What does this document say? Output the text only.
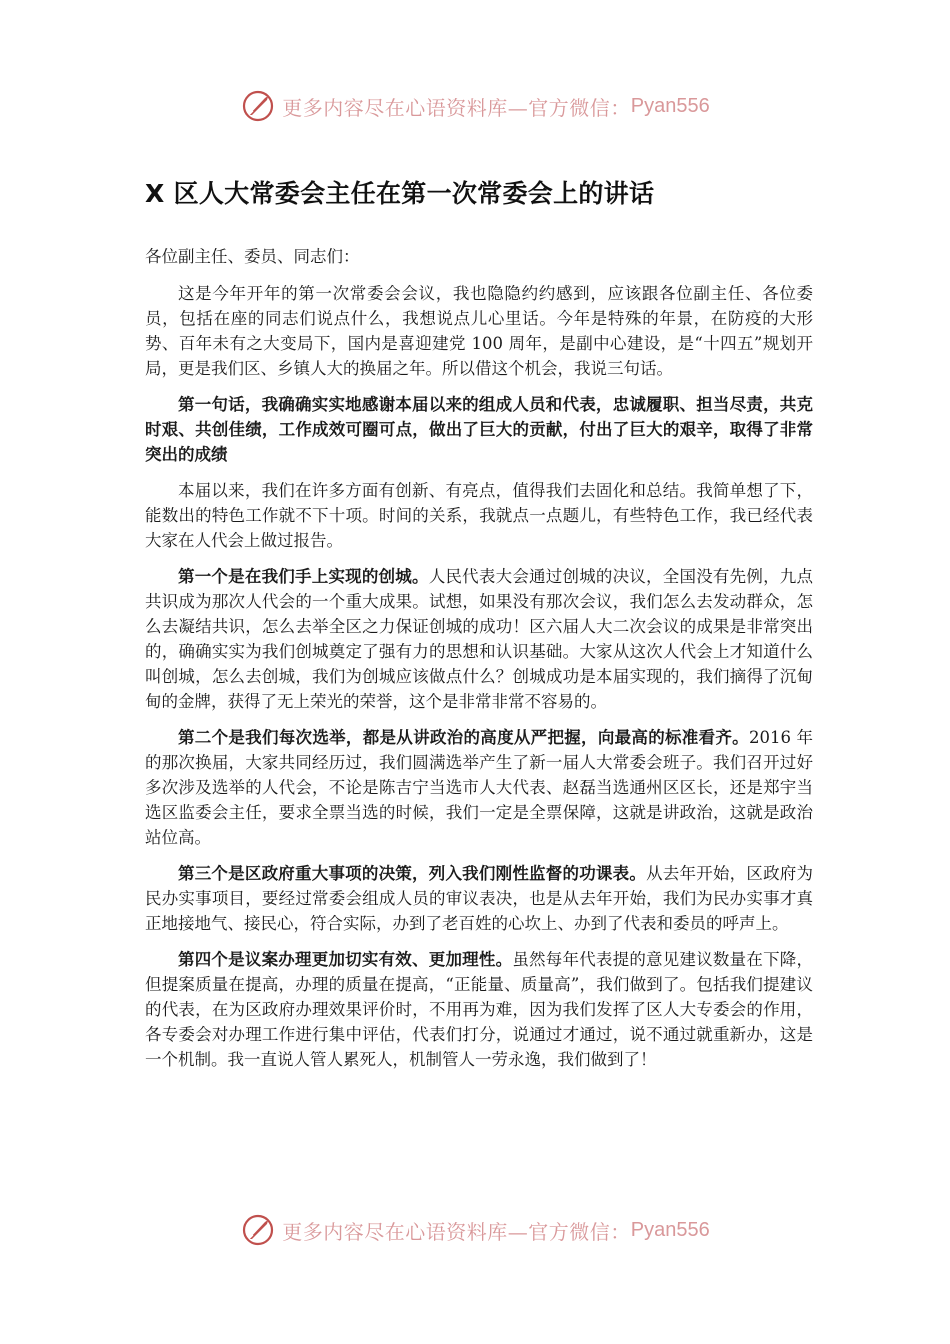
更多内容尽在心语资料库—官方微信： Pyan556
X 区人大常委会主任在第一次常委会上的讲话
各位副主任、委员、同志们：

这是今年开年的第一次常委会会议，我也隐隐约约感到，应该跟各位副主任、各位委员，包括在座的同志们说点什么，我想说点儿心里话。今年是特殊的年景，在防疫的大形势、百年未有之大变局下，国内是喜迎建党 100 周年，是副中心建设，是“十四五”规划开局，更是我们区、乡镇人大的换届之年。所以借这个机会，我说三句话。

第一句话，我确确实实地感谢本届以来的组成人员和代表，忠诚履职、担当尽责，共克时艰、共创佳绩，工作成效可圈可点，做出了巨大的贡献，付出了巨大的艰辛，取得了非常突出的成绩

本届以来，我们在许多方面有创新、有亮点，值得我们去固化和总结。我简单想了下，能数出的特色工作就不下十项。时间的关系，我就点一点题儿，有些特色工作，我已经代表大家在人代会上做过报告。

第一个是在我们手上实现的创城。人民代表大会通过创城的决议，全国没有先例，九点共识成为那次人代会的一个重大成果。试想，如果没有那次会议，我们怎么去发动群众，怎么去凝结共识，怎么去举全区之力保证创城的成功！区六届人大二次会议的成果是非常突出的，确确实实为我们创城奠定了强有力的思想和认识基础。大家从这次人代会上才知道什么叫创城，怎么去创城，我们为创城应该做点什么？创城成功是本届实现的，我们摘得了沉甸甸的金牌，获得了无上荣光的荣誉，这个是非常非常不容易的。

第二个是我们每次选举，都是从讲政治的高度从严把握，向最高的标准看齐。2016 年的那次换届，大家共同经历过，我们圆满选举产生了新一届人大常委会班子。我们召开过好多次涉及选举的人代会，不论是陈吉宁当选市人大代表、赵磊当选通州区区长，还是郑宇当选区监委会主任，要求全票当选的时候，我们一定是全票保障，这就是讲政治，这就是政治站位高。

第三个是区政府重大事项的决策，列入我们刚性监督的功课表。从去年开始，区政府为民办实事项目，要经过常委会组成人员的审议表决，也是从去年开始，我们为民办实事才真正地接地气、接民心，符合实际，办到了老百姓的心坎上、办到了代表和委员的呼声上。

第四个是议案办理更加切实有效、更加理性。虽然每年代表提的意见建议数量在下降，但提案质量在提高，办理的质量在提高，“正能量、质量高”，我们做到了。包括我们提建议的代表，在为区政府办理效果评价时，不用再为难，因为我们发挥了区人大专委会的作用，各专委会对办理工作进行集中评估，代表们打分，说通过才通过，说不通过就重新办，这是一个机制。我一直说人管人累死人，机制管人一劳永逸，我们做到了！

更多内容尽在心语资料库—官方微信： Pyan556
